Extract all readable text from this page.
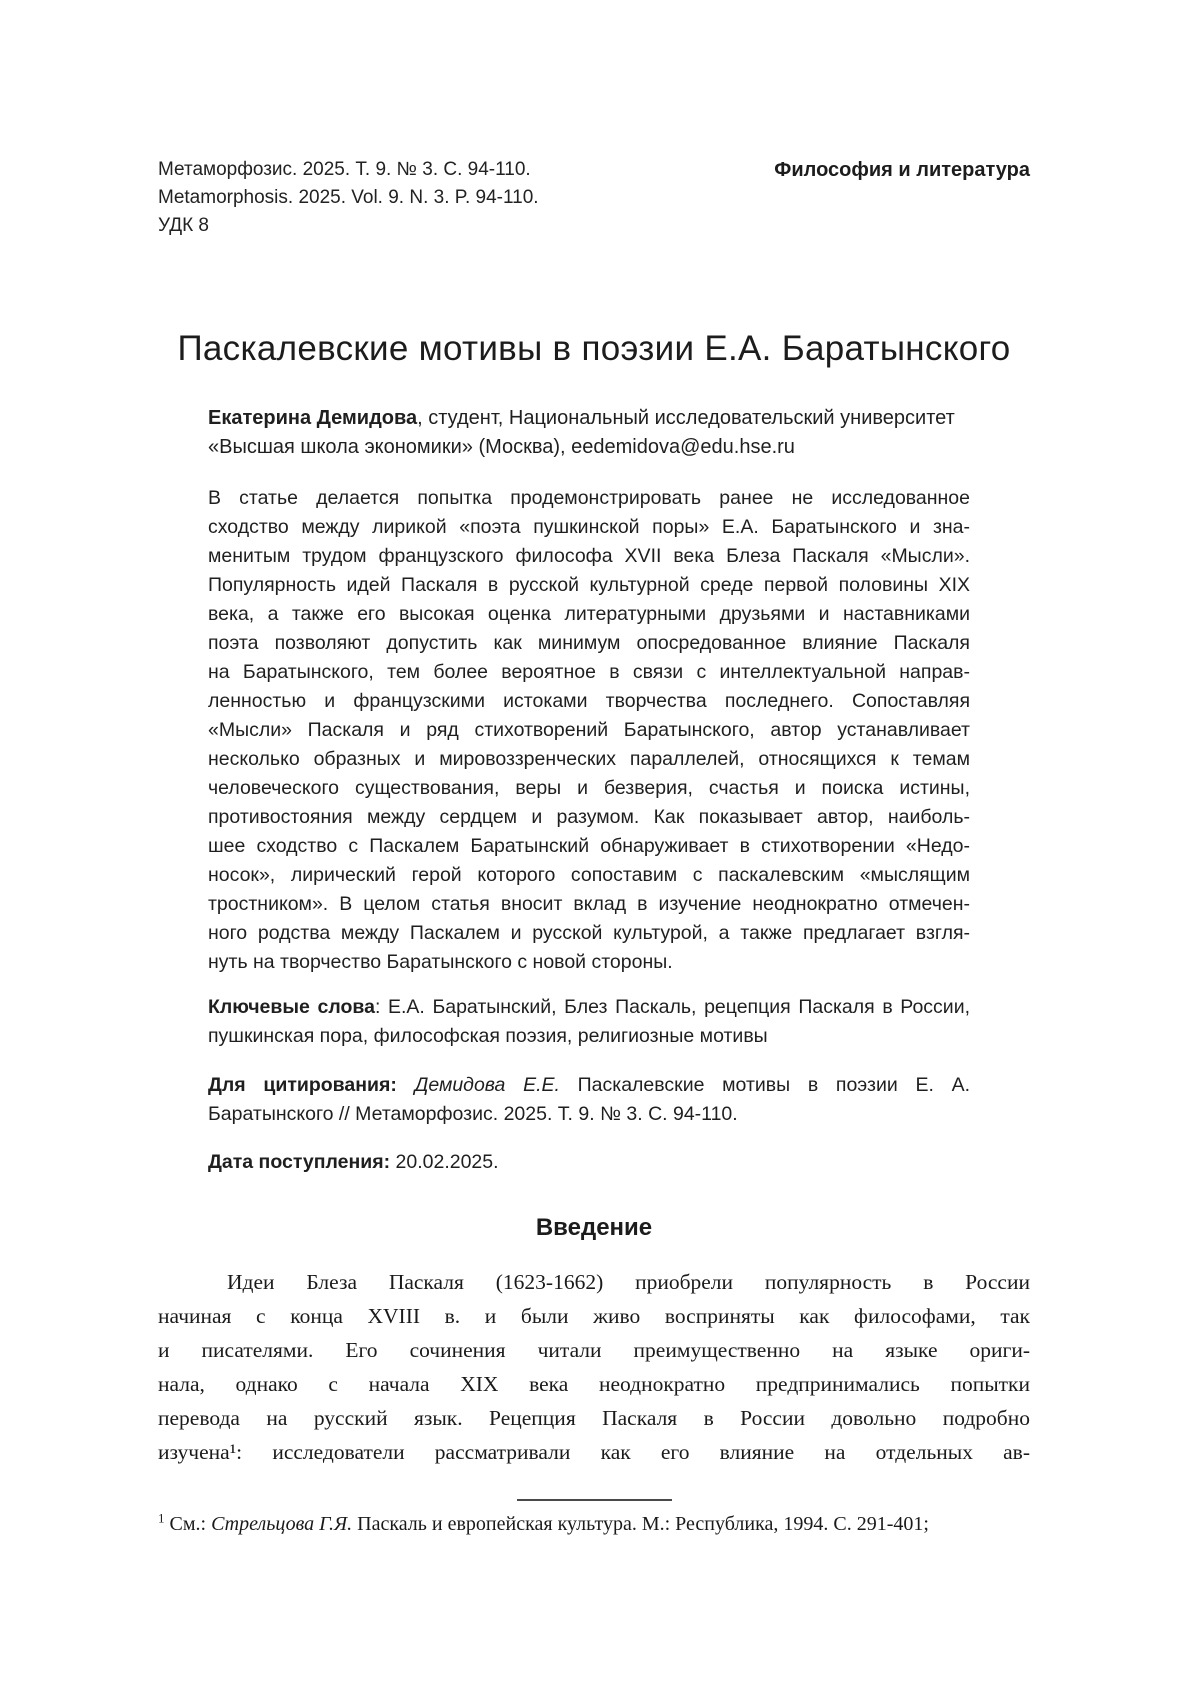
Метаморфозис. 2025. Т. 9. № 3. С. 94-110.
Metamorphosis. 2025. Vol. 9. N. 3. P. 94-110.
УДК 8
Философия и литература
Паскалевские мотивы в поэзии Е.А. Баратынского
Екатерина Демидова, студент, Национальный исследовательский университет
«Высшая школа экономики» (Москва), eedemidova@edu.hse.ru
В статье делается попытка продемонстрировать ранее не исследованное
сходство между лирикой «поэта пушкинской поры» Е.А. Баратынского и зна-
менитым трудом французского философа XVII века Блеза Паскаля «Мысли».
Популярность идей Паскаля в русской культурной среде первой половины XIX
века, а также его высокая оценка литературными друзьями и наставниками
поэта позволяют допустить как минимум опосредованное влияние Паскаля
на Баратынского, тем более вероятное в связи с интеллектуальной направ-
ленностью и французскими истоками творчества последнего. Сопоставляя
«Мысли» Паскаля и ряд стихотворений Баратынского, автор устанавливает
несколько образных и мировоззренческих параллелей, относящихся к темам
человеческого существования, веры и безверия, счастья и поиска истины,
противостояния между сердцем и разумом. Как показывает автор, наиболь-
шее сходство с Паскалем Баратынский обнаруживает в стихотворении «Недо-
носок», лирический герой которого сопоставим с паскалевским «мыслящим
тростником». В целом статья вносит вклад в изучение неоднократно отмечен-
ного родства между Паскалем и русской культурой, а также предлагает взгля-
нуть на творчество Баратынского с новой стороны.

Ключевые слова: Е.А. Баратынский, Блез Паскаль, рецепция Паскаля в России, пушкинская пора, философская поэзия, религиозные мотивы

Для цитирования: Демидова Е.Е. Паскалевские мотивы в поэзии Е. А. Баратынского // Метаморфозис. 2025. Т. 9. № 3. С. 94-110.

Дата поступления: 20.02.2025.

Введение
Идеи Блеза Паскаля (1623-1662) приобрели популярность в России
начиная с конца XVIII в. и были живо восприняты как философами, так
и писателями. Его сочинения читали преимущественно на языке ориги-
нала, однако с начала XIX века неоднократно предпринимались попытки
перевода на русский язык. Рецепция Паскаля в России довольно подробно
изучена¹: исследователи рассматривали как его влияние на отдельных ав-

$^1$ См.: Стрельцова Г.Я. Паскаль и европейская культура. М.: Республика, 1994. С. 291-401;
